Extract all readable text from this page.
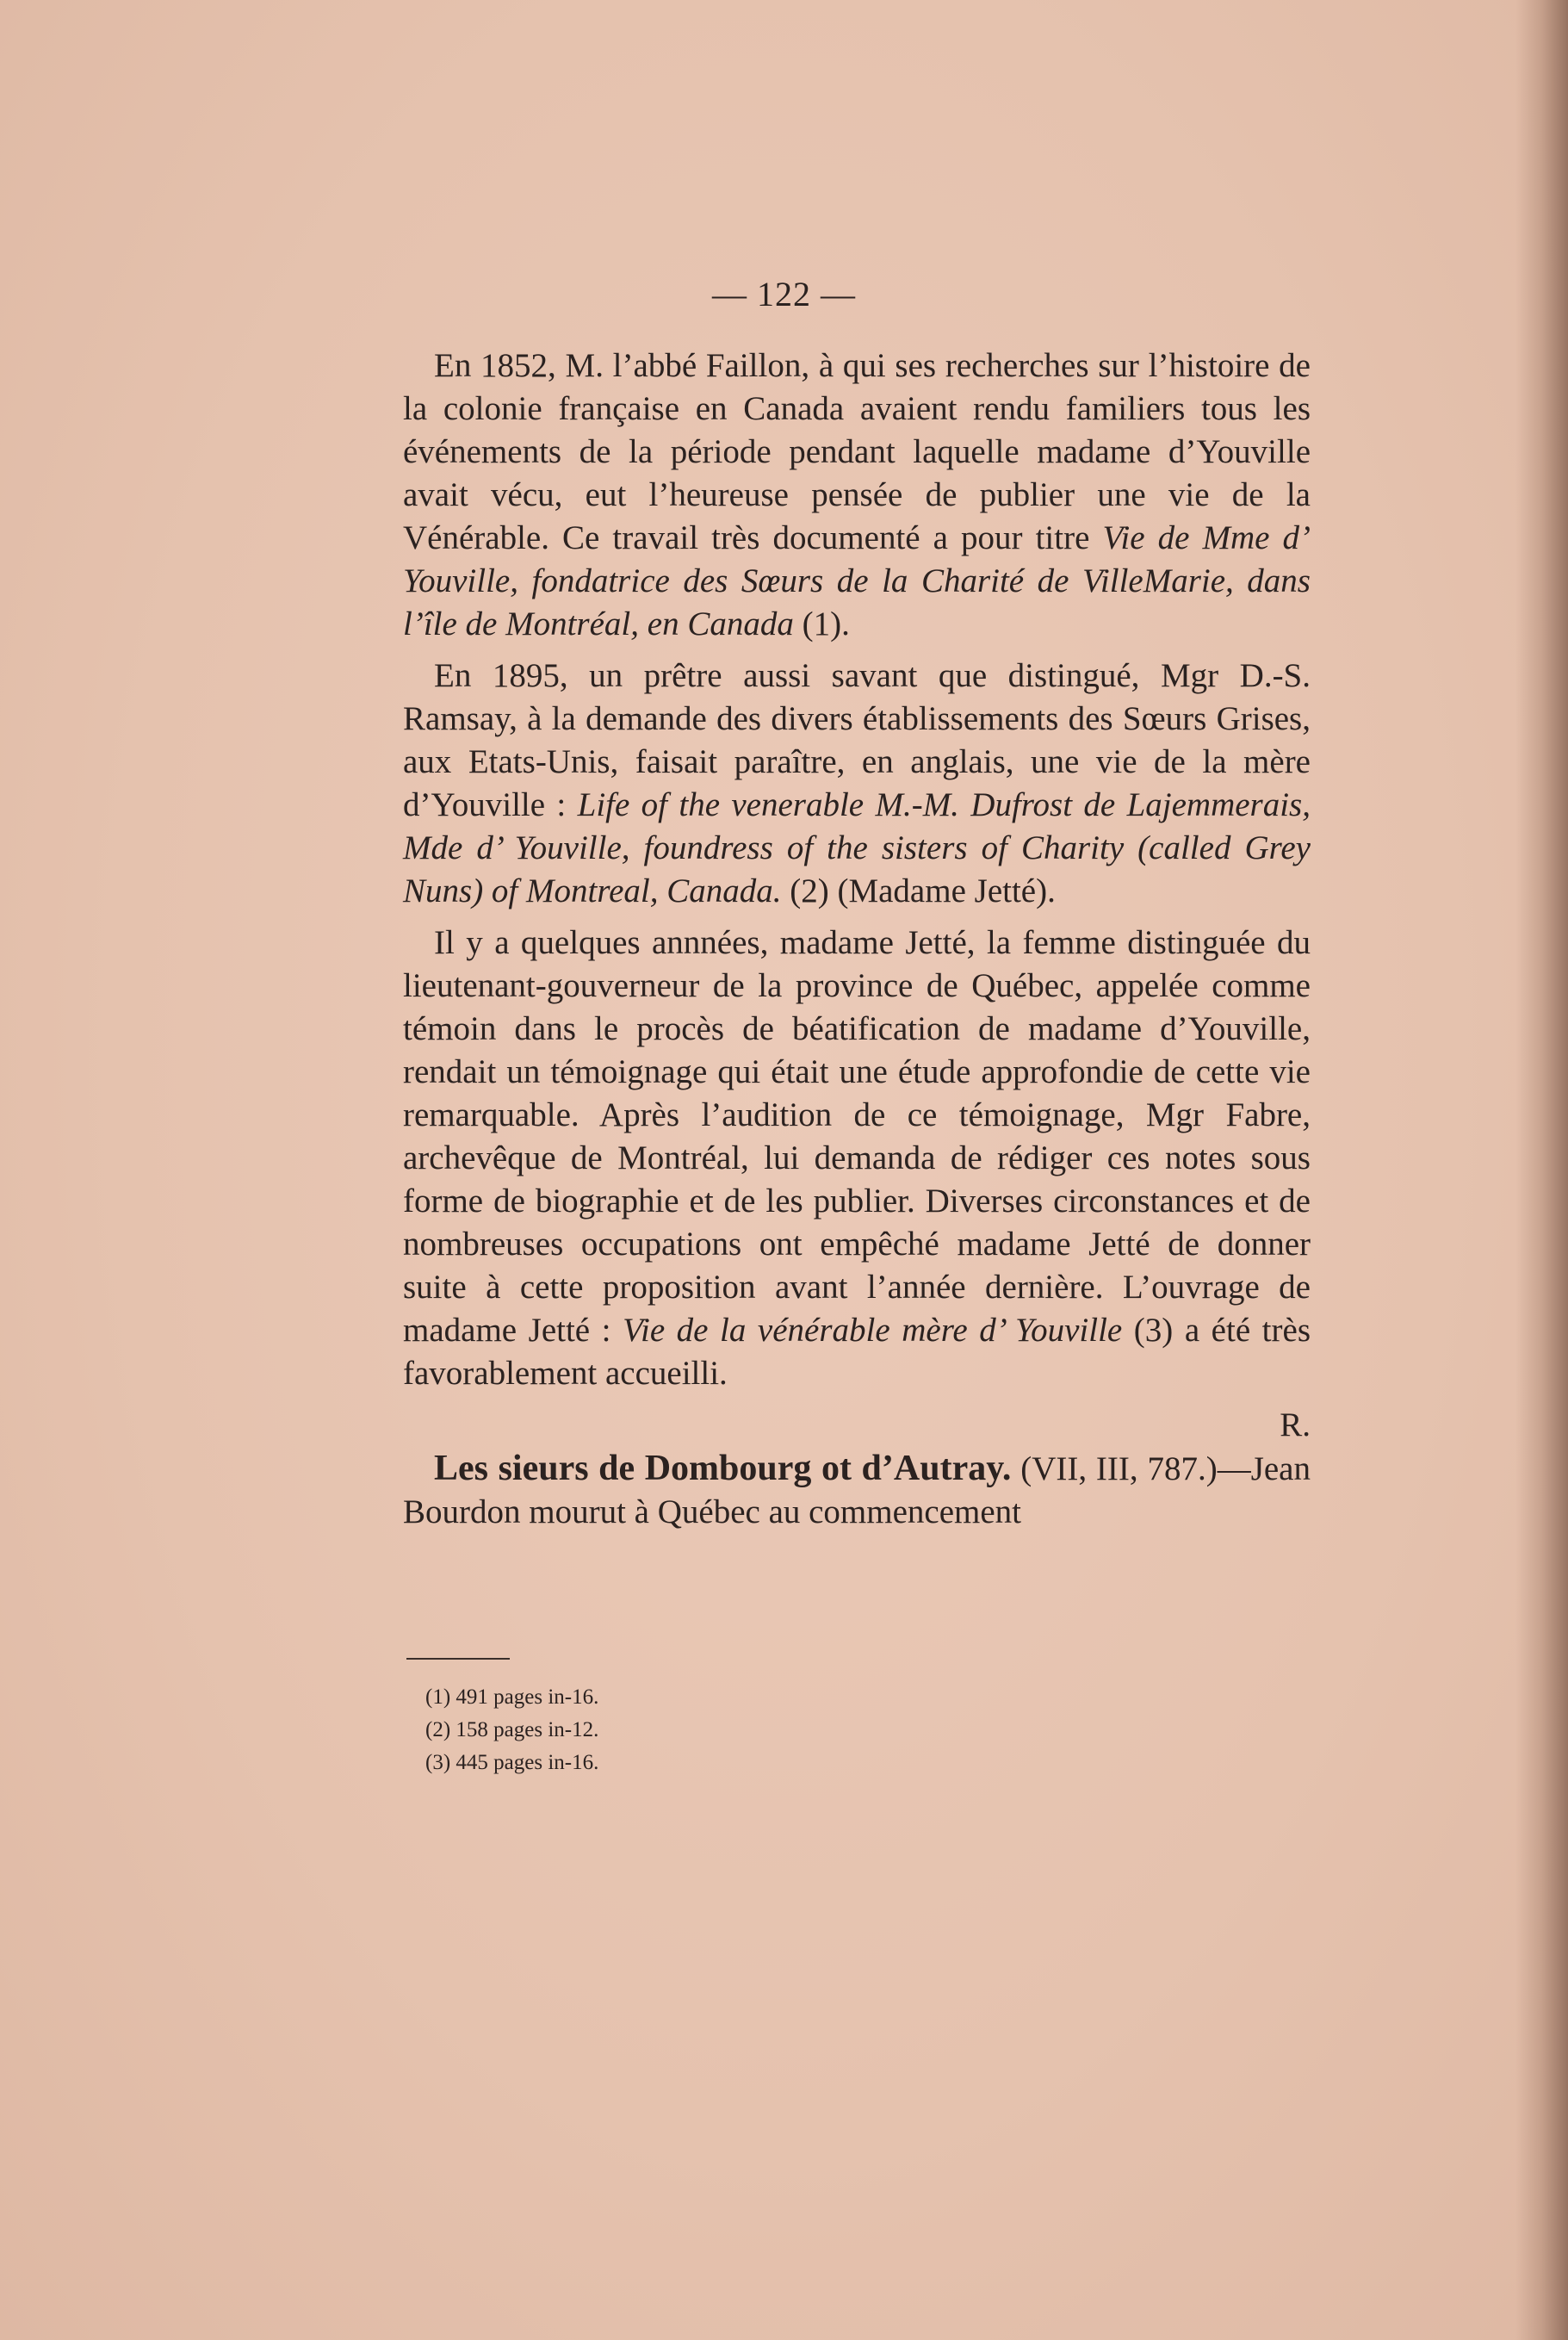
— 122 —

En 1852, M. l’abbé Faillon, à qui ses recherches sur l’histoire de la colonie française en Canada avaient rendu familiers tous les événements de la période pendant laquelle madame d’Youville avait vécu, eut l’heureuse pensée de publier une vie de la Vénérable. Ce travail très documenté a pour titre Vie de Mme d’ Youville, fondatrice des Sœurs de la Charité de VilleMarie, dans l’île de Montréal, en Canada (1).

En 1895, un prêtre aussi savant que distingué, Mgr D.-S. Ramsay, à la demande des divers établissements des Sœurs Grises, aux Etats-Unis, faisait paraître, en anglais, une vie de la mère d’Youville : Life of the venerable M.-M. Dufrost de Lajemmerais, Mde d’ Youville, foundress of the sisters of Charity (called Grey Nuns) of Montreal, Canada. (2) (Madame Jetté).

Il y a quelques annnées, madame Jetté, la femme distinguée du lieutenant-gouverneur de la province de Québec, appelée comme témoin dans le procès de béatification de madame d’Youville, rendait un témoignage qui était une étude approfondie de cette vie remarquable. Après l’audition de ce témoignage, Mgr Fabre, archevêque de Montréal, lui demanda de rédiger ces notes sous forme de biographie et de les publier. Diverses circonstances et de nombreuses occupations ont empêché madame Jetté de donner suite à cette proposition avant l’année dernière. L’ouvrage de madame Jetté : Vie de la vénérable mère d’ Youville (3) a été très favorablement accueilli.

R.

Les sieurs de Dombourg ot d’Autray. (VII, III, 787.)—Jean Bourdon mourut à Québec au commencement

(1) 491 pages in-16.
(2) 158 pages in-12.
(3) 445 pages in-16.
